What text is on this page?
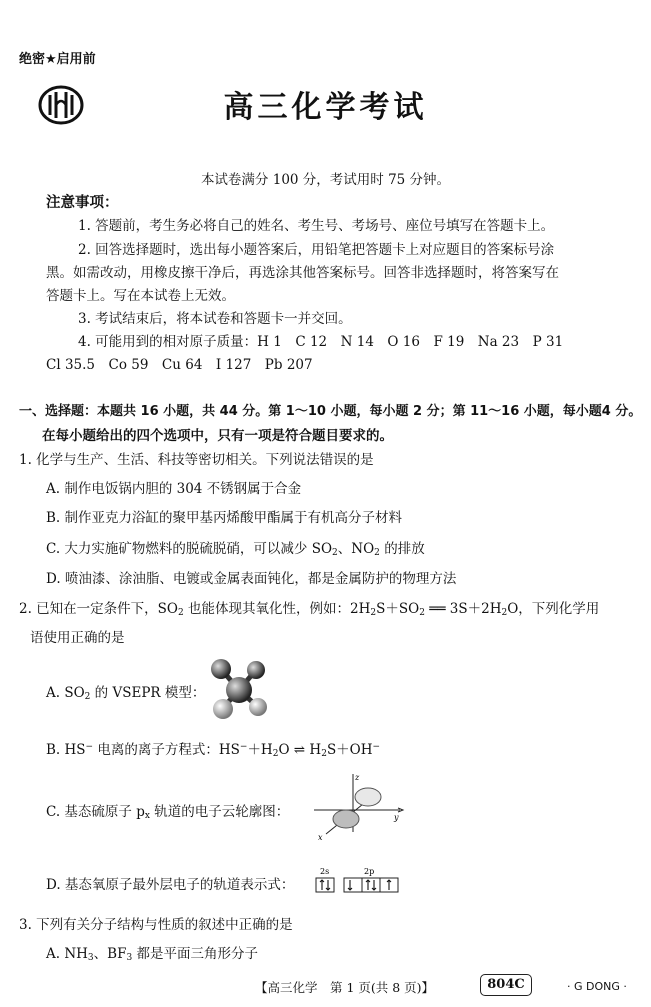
绝密★启用前
高三化学考试
本试卷满分 100 分，考试用时 75 分钟。
注意事项：
1. 答题前，考生务必将自己的姓名、考生号、考场号、座位号填写在答题卡上。
2. 回答选择题时，选出每小题答案后，用铅笔把答题卡上对应题目的答案标号涂
黑。如需改动，用橡皮擦干净后，再选涂其他答案标号。回答非选择题时，将答案写在
答题卡上。写在本试卷上无效。
3. 考试结束后，将本试卷和答题卡一并交回。
4. 可能用到的相对原子质量：H 1　C 12　N 14　O 16　F 19　Na 23　P 31
Cl 35.5　Co 59　Cu 64　I 127　Pb 207
一、选择题：本题共 16 小题，共 44 分。第 1～10 小题，每小题 2 分；第 11～16 小题，每小题4 分。
在每小题给出的四个选项中，只有一项是符合题目要求的。
1. 化学与生产、生活、科技等密切相关。下列说法错误的是
A. 制作电饭锅内胆的 304 不锈钢属于合金
B. 制作亚克力浴缸的聚甲基丙烯酸甲酯属于有机高分子材料
C. 大力实施矿物燃料的脱硫脱硝，可以减少 $SO_2$、$NO_2$ 的排放
D. 喷油漆、涂油脂、电镀或金属表面钝化，都是金属防护的物理方法
2. 已知在一定条件下，$SO_2$ 也能体现其氧化性，例如：$2H_2S+SO_2$ ══ $3S+2H_2O$，下列化学用
语使用正确的是
A. $SO_2$ 的 VSEPR 模型：
B. HS− 电离的离子方程式：$HS^-+H_2O$ ⇌ $H_2S+OH^-$
C. 基态硫原子 $p_x$ 轨道的电子云轮廓图：
z
y
x
D. 基态氧原子最外层电子的轨道表示式：
2s	2p
3. 下列有关分子结构与性质的叙述中正确的是
A. $NH_3$、$BF_3$ 都是平面三角形分子
【高三化学　第 1 页(共 8 页)】	804C	· G DONG ·
